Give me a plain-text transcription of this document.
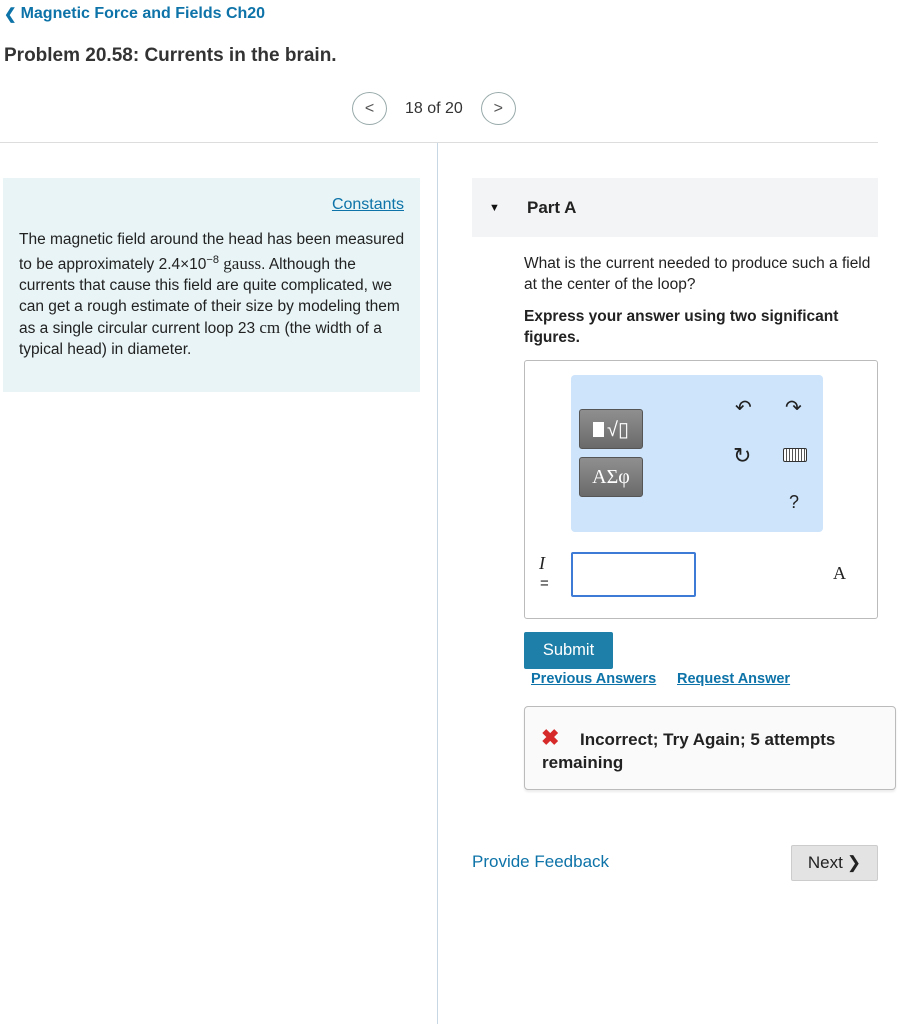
❮ Magnetic Force and Fields Ch20
Problem 20.58: Currents in the brain.
< 18 of 20 >
Constants
The magnetic field around the head has been measured to be approximately $2.4\times 10^{-8}$ gauss. Although the currents that cause this field are quite complicated, we can get a rough estimate of their size by modeling them as a single circular current loop 23 cm (the width of a typical head) in diameter.
▼ Part A
What is the current needed to produce such a field at the center of the loop?
Express your answer using two significant figures.
√▯
ΑΣφ
↶ ↷
↻
?
I
=
A
Submit
Previous Answers Request Answer
✖	Incorrect; Try Again; 5 attempts remaining
Provide Feedback	Next ❯
